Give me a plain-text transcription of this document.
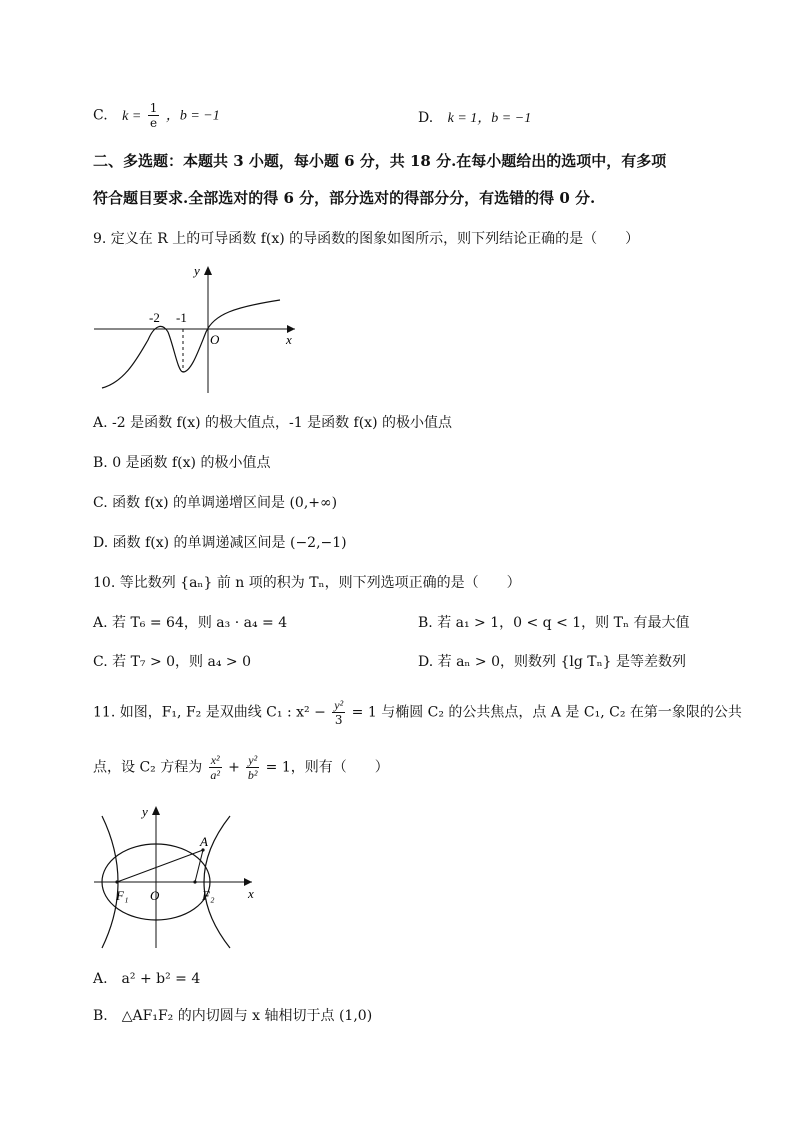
C. $k = \frac{1}{e}$ ，b = −1	D. k = 1，b = −1
二、多选题：本题共 3 小题，每小题 6 分，共 18 分.在每小题给出的选项中，有多项
符合题目要求.全部选对的得 6 分，部分选对的得部分分，有选错的得 0 分.
9. 定义在 R 上的可导函数 f(x) 的导函数的图象如图所示，则下列结论正确的是（　　）
y
x
O
-2 -1
A. -2 是函数 f(x) 的极大值点，-1 是函数 f(x) 的极小值点
B. 0 是函数 f(x) 的极小值点
C. 函数 f(x) 的单调递增区间是 (0,+∞)
D. 函数 f(x) 的单调递减区间是 (−2,−1)
10. 等比数列 {aₙ} 前 n 项的积为 Tₙ，则下列选项正确的是（　　）
A. 若 T₆ = 64，则 a₃ · a₄ = 4	B. 若 a₁ > 1，0 < q < 1，则 Tₙ 有最大值
C. 若 T₇ > 0，则 a₄ > 0	D. 若 aₙ > 0，则数列 {lg Tₙ} 是等差数列
11. 如图，F₁, F₂ 是双曲线 C₁ : $x^2 - \frac{\text{y²}}{3} = 1$ 与椭圆 C₂ 的公共焦点，点 A 是 C₁, C₂ 在第一象限的公共
点，设 C₂ 方程为 $\frac{\text{x²}}{\text{a²}} + \frac{\text{y²}}{\text{b²}} = 1$，则有（　　）
y
x
O
A
F₁	F₂
A.　a² + b² = 4
B.　△AF₁F₂ 的内切圆与 x 轴相切于点 (1,0)
